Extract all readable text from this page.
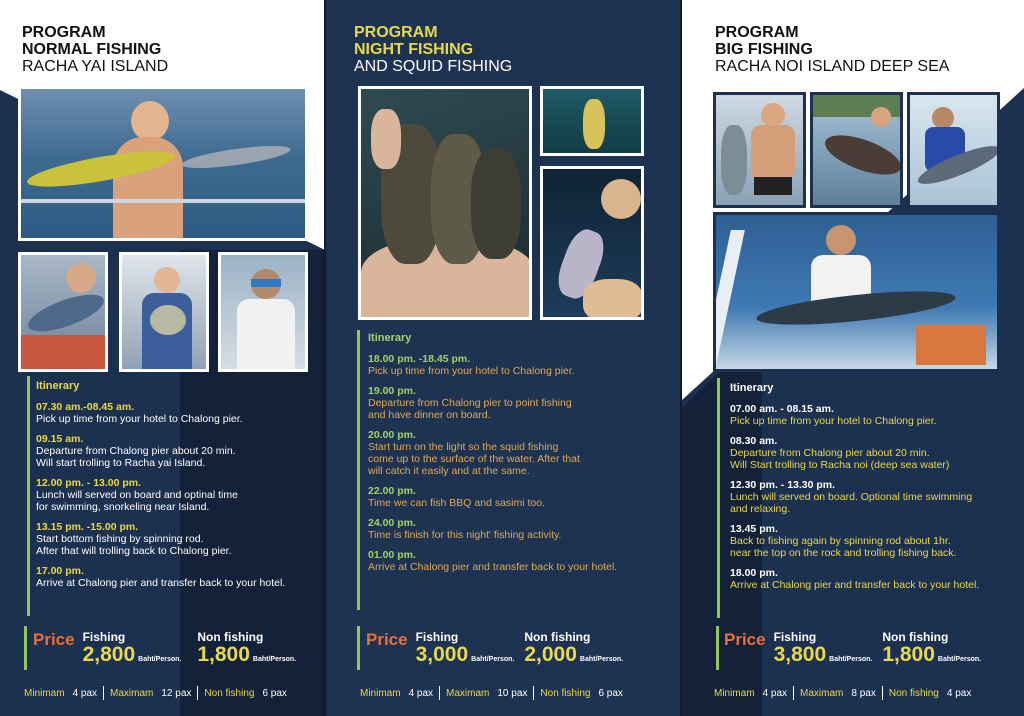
PROGRAM
NORMAL FISHING
RACHA YAI ISLAND
Itinerary
07.30 am.-08.45 am.
Pick up time from your hotel to Chalong pier.
09.15 am.
Departure from Chalong pier about 20 min.
Will start trolling to Racha yai Island.
12.00 pm. - 13.00 pm.
Lunch will served on board and optinal time
for swimming, snorkeling near Island.
13.15 pm. -15.00 pm.
Start bottom fishing by spinning rod.
After that will trolling back to Chalong pier.
17.00 pm.
Arrive at Chalong pier and transfer back to your hotel.
Price Fishing
2,800 Baht/Person.
Non fishing
1,800 Baht/Person.
Minimam 4 pax Maximam 12 pax Non fishing 6 pax
PROGRAM
NIGHT FISHING
AND SQUID FISHING
Itinerary
18.00 pm. -18.45 pm.
Pick up time from your hotel to Chalong pier.
19.00 pm.
Departure from Chalong pier to point fishing
and have dinner on board.
20.00 pm.
Start turn on the light so the squid fishing
come up to the surface of the water. After that
will catch it easily and at the same.
22.00 pm.
Time we can fish BBQ and sasimi too.
24.00 pm.
Time is finish for this night' fishing activity.
01.00 pm.
Arrive at Chalong pier and transfer back to your hotel.
Price Fishing
3,000 Baht/Person.
Non fishing
2,000 Baht/Person.
Minimam 4 pax Maximam 10 pax Non fishing 6 pax
PROGRAM
BIG FISHING
RACHA NOI ISLAND DEEP SEA
Itinerary
07.00 am. - 08.15 am.
Pick up time from your hotel to Chalong pier.
08.30 am.
Departure from Chalong pier about 20 min.
Will Start trolling to Racha noi (deep sea water)
12.30 pm. - 13.30 pm.
Lunch will served on board. Optional time swimming
and relaxing.
13.45 pm.
Back to fishing again by spinning rod about 1hr.
near the top on the rock and trolling fishing back.
18.00 pm.
Arrive at Chalong pier and transfer back to your hotel.
Price Fishing
3,800 Baht/Person.
Non fishing
1,800 Baht/Person.
Minimam 4 pax Maximam 8 pax Non fishing 4 pax
